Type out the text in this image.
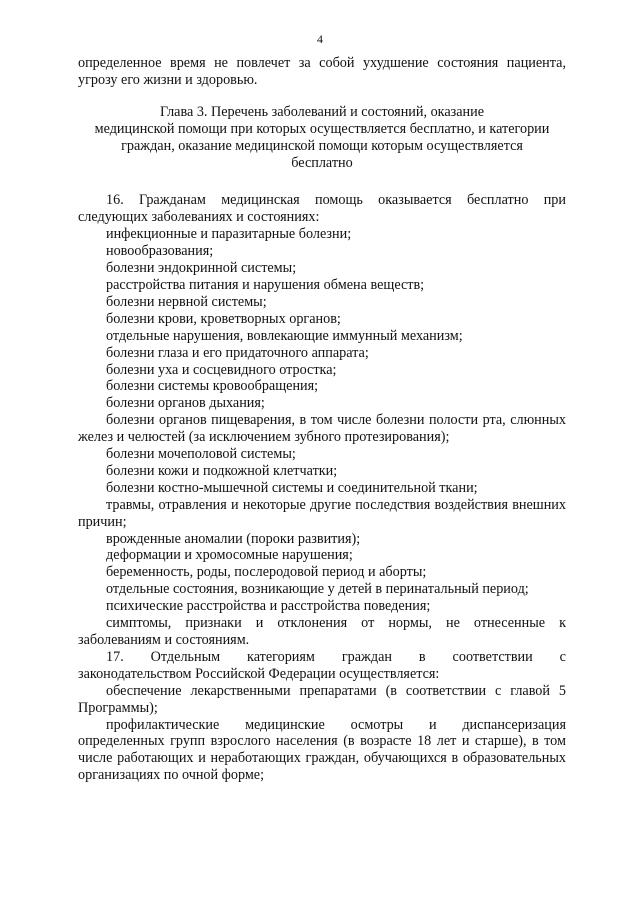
4

определенное время не повлечет за собой ухудшение состояния пациента, угрозу его жизни и здоровью.

Глава 3. Перечень заболеваний и состояний, оказание
медицинской помощи при которых осуществляется бесплатно, и категории
граждан, оказание медицинской помощи которым осуществляется
бесплатно

16. Гражданам медицинская помощь оказывается бесплатно при следующих заболеваниях и состояниях:

инфекционные и паразитарные болезни;

новообразования;

болезни эндокринной системы;

расстройства питания и нарушения обмена веществ;

болезни нервной системы;

болезни крови, кроветворных органов;

отдельные нарушения, вовлекающие иммунный механизм;

болезни глаза и его придаточного аппарата;

болезни уха и сосцевидного отростка;

болезни системы кровообращения;

болезни органов дыхания;

болезни органов пищеварения, в том числе болезни полости рта, слюнных желез и челюстей (за исключением зубного протезирования);

болезни мочеполовой системы;

болезни кожи и подкожной клетчатки;

болезни костно-мышечной системы и соединительной ткани;

травмы, отравления и некоторые другие последствия воздействия внешних причин;

врожденные аномалии (пороки развития);

деформации и хромосомные нарушения;

беременность, роды, послеродовой период и аборты;

отдельные состояния, возникающие у детей в перинатальный период;

психические расстройства и расстройства поведения;

симптомы, признаки и отклонения от нормы, не отнесенные к заболеваниям и состояниям.

17. Отдельным категориям граждан в соответствии с

законодательством Российской Федерации осуществляется:

обеспечение лекарственными препаратами (в соответствии с главой 5 Программы);

профилактические медицинские осмотры и диспансеризация определенных групп взрослого населения (в возрасте 18 лет и старше), в том числе работающих и неработающих граждан, обучающихся в образовательных организациях по очной форме;
